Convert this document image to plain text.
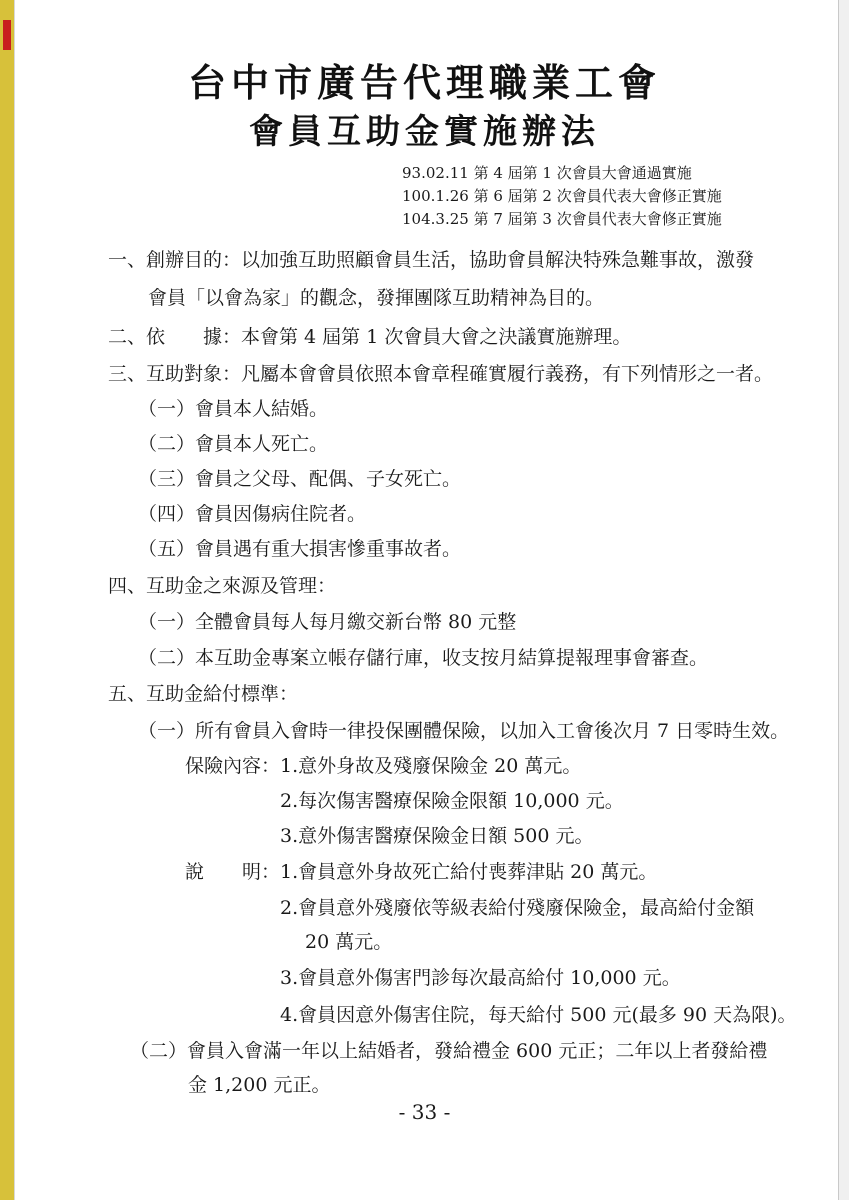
台中市廣告代理職業工會
會員互助金實施辦法
93.02.11 第 4 屆第 1 次會員大會通過實施
100.1.26 第 6 屆第 2 次會員代表大會修正實施
104.3.25 第 7 屆第 3 次會員代表大會修正實施
一、創辦目的：以加強互助照顧會員生活，協助會員解決特殊急難事故，激發
會員「以會為家」的觀念，發揮團隊互助精神為目的。
二、依　　據：本會第 4 屆第 1 次會員大會之決議實施辦理。
三、互助對象：凡屬本會會員依照本會章程確實履行義務，有下列情形之一者。
（一）會員本人結婚。
（二）會員本人死亡。
（三）會員之父母、配偶、子女死亡。
（四）會員因傷病住院者。
（五）會員遇有重大損害慘重事故者。
四、互助金之來源及管理：
（一）全體會員每人每月繳交新台幣 80 元整
（二）本互助金專案立帳存儲行庫，收支按月結算提報理事會審查。
五、互助金給付標準：
（一）所有會員入會時一律投保團體保險，以加入工會後次月 7 日零時生效。
保險內容： 1.意外身故及殘廢保險金 20 萬元。
2.每次傷害醫療保險金限額 10,000 元。
3.意外傷害醫療保險金日額 500 元。
說　　明： 1.會員意外身故死亡給付喪葬津貼 20 萬元。
2.會員意外殘廢依等級表給付殘廢保險金，最高給付金額
20 萬元。
3.會員意外傷害門診每次最高給付 10,000 元。
4.會員因意外傷害住院，每天給付 500 元(最多 90 天為限)。
（二）會員入會滿一年以上結婚者，發給禮金 600 元正；二年以上者發給禮
金 1,200 元正。
- 33 -
